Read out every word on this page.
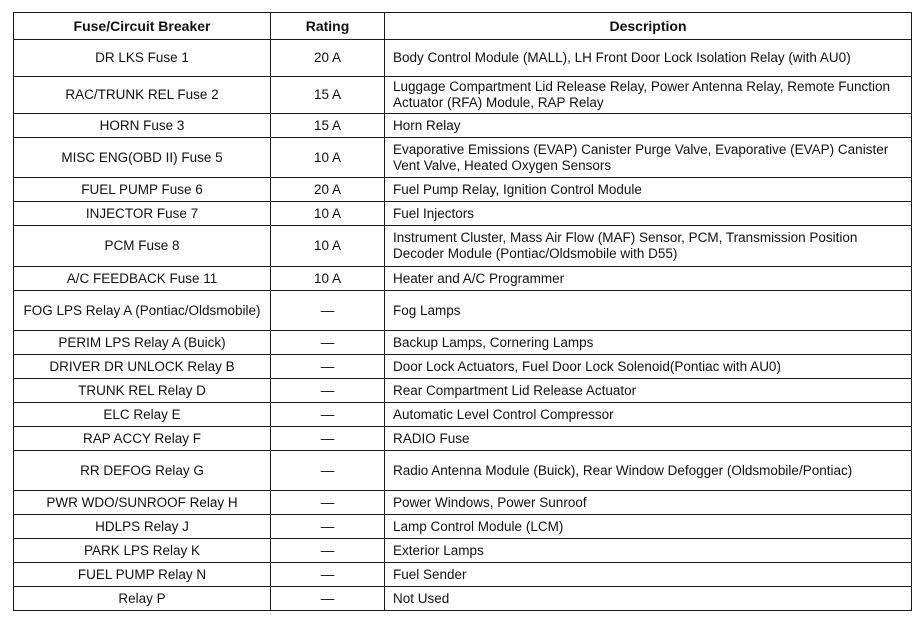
Fuse/Circuit Breaker	Rating	Description
DR LKS Fuse 1	20 A	Body Control Module (MALL), LH Front Door Lock Isolation Relay (with AU0)
RAC/TRUNK REL Fuse 2	15 A	Luggage Compartment Lid Release Relay, Power Antenna Relay, Remote Function Actuator (RFA) Module, RAP Relay
HORN Fuse 3	15 A	Horn Relay
MISC ENG(OBD II) Fuse 5	10 A	Evaporative Emissions (EVAP) Canister Purge Valve, Evaporative (EVAP) Canister Vent Valve, Heated Oxygen Sensors
FUEL PUMP Fuse 6	20 A	Fuel Pump Relay, Ignition Control Module
INJECTOR Fuse 7	10 A	Fuel Injectors
PCM Fuse 8	10 A	Instrument Cluster, Mass Air Flow (MAF) Sensor, PCM, Transmission Position Decoder Module (Pontiac/Oldsmobile with D55)
A/C FEEDBACK Fuse 11	10 A	Heater and A/C Programmer
FOG LPS Relay A (Pontiac/Oldsmobile)	—	Fog Lamps
PERIM LPS Relay A (Buick)	—	Backup Lamps, Cornering Lamps
DRIVER DR UNLOCK Relay B	—	Door Lock Actuators, Fuel Door Lock Solenoid(Pontiac with AU0)
TRUNK REL Relay D	—	Rear Compartment Lid Release Actuator
ELC Relay E	—	Automatic Level Control Compressor
RAP ACCY Relay F	—	RADIO Fuse
RR DEFOG Relay G	—	Radio Antenna Module (Buick), Rear Window Defogger (Oldsmobile/Pontiac)
PWR WDO/SUNROOF Relay H	—	Power Windows, Power Sunroof
HDLPS Relay J	—	Lamp Control Module (LCM)
PARK LPS Relay K	—	Exterior Lamps
FUEL PUMP Relay N	—	Fuel Sender
Relay P	—	Not Used
